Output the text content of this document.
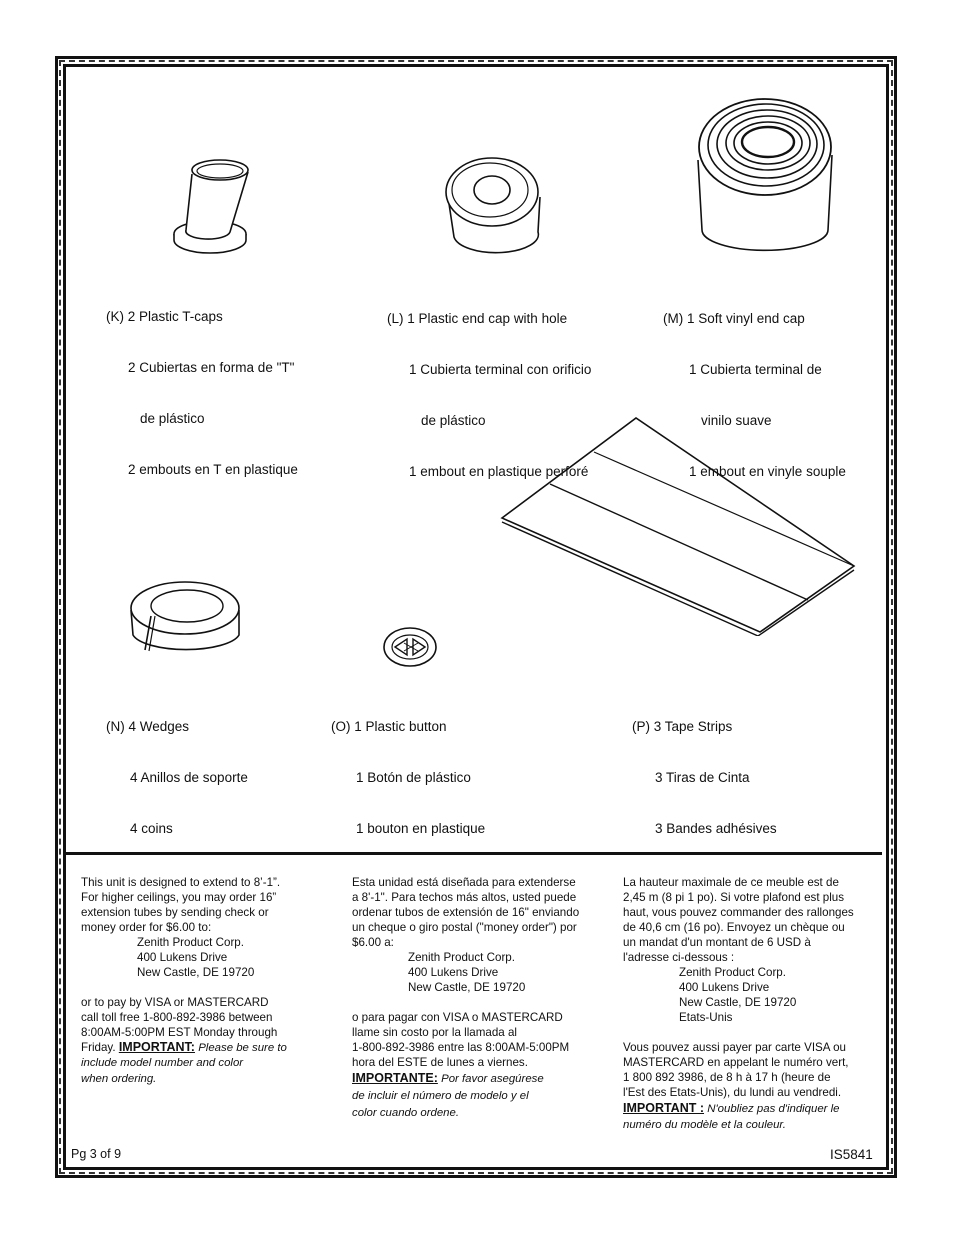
(K) 2 Plastic T-caps

2 Cubiertas en forma de "T"

de plástico

2 embouts en T en plastique

(L) 1 Plastic end cap with hole

1 Cubierta terminal con orificio

de plástico

1 embout en plastique perforé

(M) 1 Soft vinyl end cap

1 Cubierta terminal de

vinilo suave

1 embout en vinyle souple

(N) 4 Wedges

4 Anillos de soporte

4 coins

(O) 1 Plastic button

1 Botón de plástico

1 bouton en plastique

(P) 3 Tape Strips

3 Tiras de Cinta

3 Bandes adhésives

This unit is designed to extend to 8’-1”.
For higher ceilings, you may order 16”
extension tubes by sending check or
money order for $6.00 to:
Zenith Product Corp.
400 Lukens Drive
New Castle, DE 19720
or to pay by VISA or MASTERCARD
call toll free 1-800-892-3986 between
8:00AM-5:00PM EST Monday through
Friday. IMPORTANT: Please be sure to
include model number and color
when ordering.
Esta unidad está diseñada para extenderse
a 8'-1". Para techos más altos, usted puede
ordenar tubos de extensión de 16" enviando
un cheque o giro postal ("money order") por
$6.00 a:
Zenith Product Corp.
400 Lukens Drive
New Castle, DE 19720
o para pagar con VISA o MASTERCARD
llame sin costo por la llamada al
1-800-892-3986 entre las 8:00AM-5:00PM
hora del ESTE de lunes a viernes.
IMPORTANTE: Por favor asegúrese
de incluir el número de modelo y el
color cuando ordene.
La hauteur maximale de ce meuble est de
2,45 m (8 pi 1 po). Si votre plafond est plus
haut, vous pouvez commander des rallonges
de 40,6 cm (16 po). Envoyez un chèque ou
un mandat d'un montant de 6 USD à
l'adresse ci-dessous :
Zenith Product Corp.
400 Lukens Drive
New Castle, DE 19720
Etats-Unis
Vous pouvez aussi payer par carte VISA ou
MASTERCARD en appelant le numéro vert,
1 800 892 3986, de 8 h à 17 h (heure de
l'Est des Etats-Unis), du lundi au vendredi.
IMPORTANT : N'oubliez pas d'indiquer le
numéro du modèle et la couleur.
Pg 3 of 9	IS5841
